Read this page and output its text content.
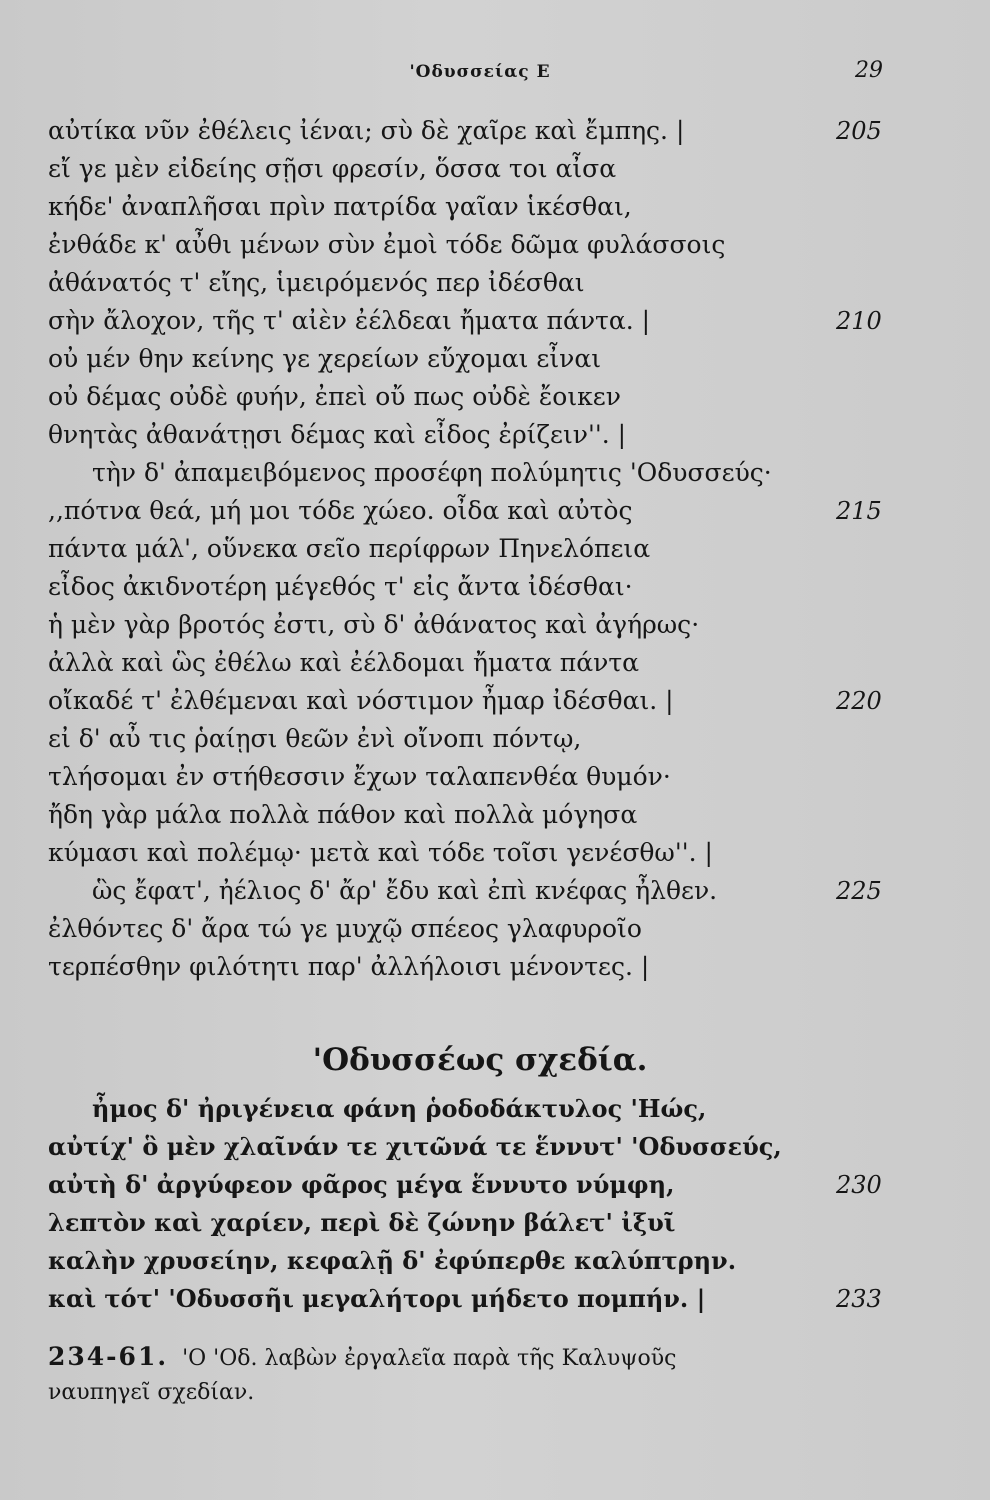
'Οδυσσείας Ε	29
αὐτίκα νῦν ἐθέλεις ἰέναι; σὺ δὲ χαῖρε καὶ ἔμπης. |
εἴ γε μὲν εἰδείης σῇσι φρεσίν, ὅσσα τοι αἶσα
κήδε' ἀναπλῆσαι πρὶν πατρίδα γαῖαν ἱκέσθαι,
ἐνθάδε κ' αὖθι μένων σὺν ἐμοὶ τόδε δῶμα φυλάσσοις
ἀθάνατός τ' εἴης, ἱμειρόμενός περ ἰδέσθαι
σὴν ἄλοχον, τῆς τ' αἰὲν ἐέλδεαι ἤματα πάντα. |
οὐ μέν θην κείνης γε χερείων εὔχομαι εἶναι
οὐ δέμας οὐδὲ φυήν, ἐπεὶ οὔ πως οὐδὲ ἔοικεν
θνητὰς ἀθανάτῃσι δέμας καὶ εἶδος ἐρίζειν''. |
τὴν δ' ἀπαμειβόμενος προσέφη πολύμητις 'Οδυσσεύς·
,,πότνα θεά, μή μοι τόδε χώεο. οἶδα καὶ αὐτὸς
πάντα μάλ', οὕνεκα σεῖο περίφρων Πηνελόπεια
εἶδος ἀκιδνοτέρη μέγεθός τ' εἰς ἄντα ἰδέσθαι·
ἡ μὲν γὰρ βροτός ἐστι, σὺ δ' ἀθάνατος καὶ ἀγήρως·
ἀλλὰ καὶ ὣς ἐθέλω καὶ ἐέλδομαι ἤματα πάντα
οἴκαδέ τ' ἐλθέμεναι καὶ νόστιμον ἦμαρ ἰδέσθαι. |
εἰ δ' αὖ τις ῥαίῃσι θεῶν ἐνὶ οἴνοπι πόντῳ,
τλήσομαι ἐν στήθεσσιν ἔχων ταλαπενθέα θυμόν·
ἤδη γὰρ μάλα πολλὰ πάθον καὶ πολλὰ μόγησα
κύμασι καὶ πολέμῳ· μετὰ καὶ τόδε τοῖσι γενέσθω''. |
ὣς ἔφατ', ἠέλιος δ' ἄρ' ἔδυ καὶ ἐπὶ κνέφας ἦλθεν.
ἐλθόντες δ' ἄρα τώ γε μυχῷ σπέεος γλαφυροῖο
τερπέσθην φιλότητι παρ' ἀλλήλοισι μένοντες. |
'Οδυσσέως σχεδία.
ἦμος δ' ἠριγένεια φάνη ῥοδοδάκτυλος 'Ηώς,
αὐτίχ' ὃ μὲν χλαῖνάν τε χιτῶνά τε ἕννυτ' 'Οδυσσεύς,
αὐτὴ δ' ἀργύφεον φᾶρος μέγα ἕννυτο νύμφη,
λεπτὸν καὶ χαρίεν, περὶ δὲ ζώνην βάλετ' ἰξυῖ
καλὴν χρυσείην, κεφαλῇ δ' ἐφύπερθε καλύπτρην.
καὶ τότ' 'Οδυσσῆι μεγαλήτορι μήδετο πομπήν. |
205
210
215
220
225
230
233
234-61. 'Ο 'Οδ. λαβὼν ἐργαλεῖα παρὰ τῆς Καλυψοῦς
ναυπηγεῖ σχεδίαν.
